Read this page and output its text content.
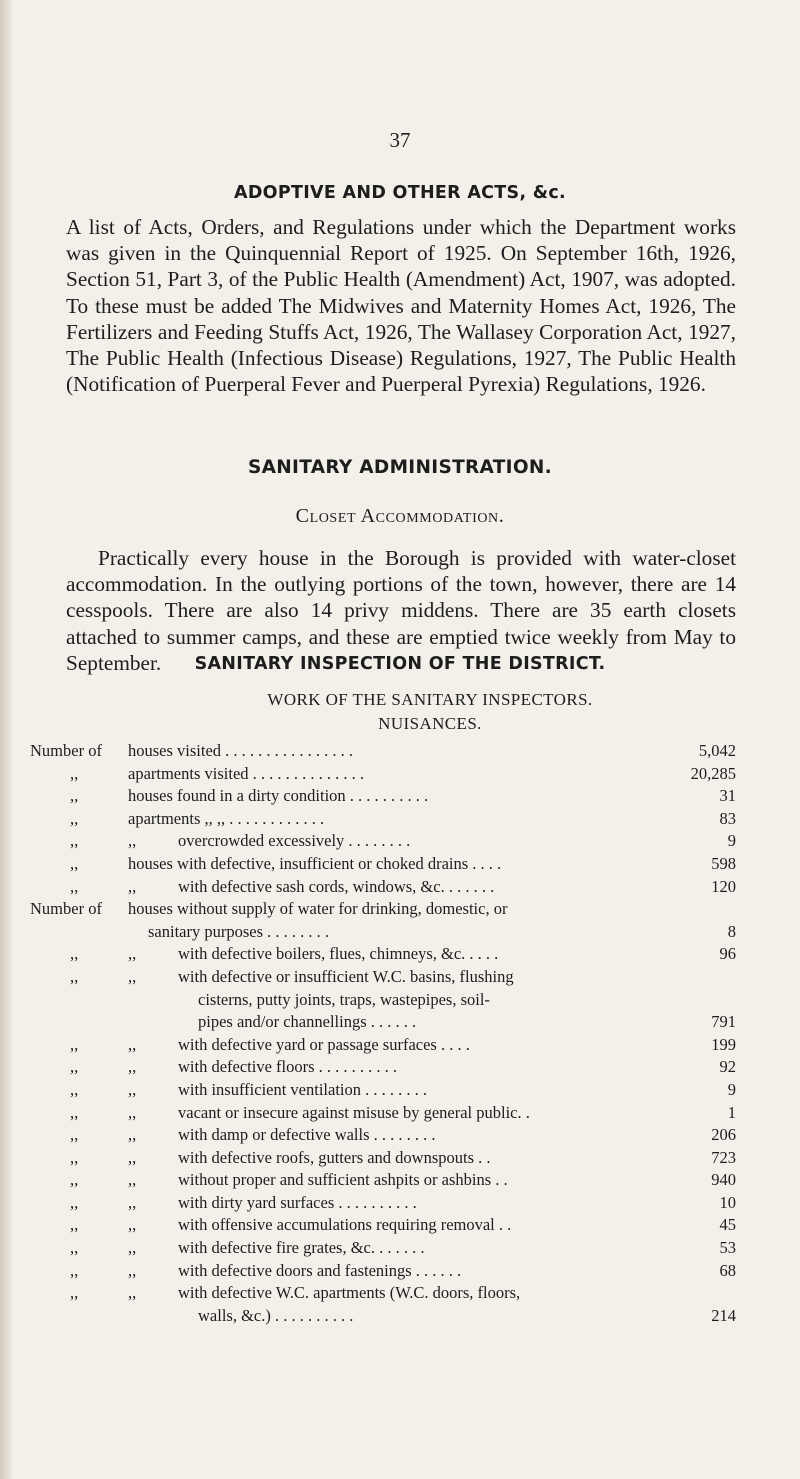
37
ADOPTIVE AND OTHER ACTS, &c.
A list of Acts, Orders, and Regulations under which the Department works was given in the Quinquennial Report of 1925. On September 16th, 1926, Section 51, Part 3, of the Public Health (Amendment) Act, 1907, was adopted. To these must be added The Midwives and Maternity Homes Act, 1926, The Fertilizers and Feeding Stuffs Act, 1926, The Wallasey Corporation Act, 1927, The Public Health (Infectious Disease) Regulations, 1927, The Public Health (Notification of Puerperal Fever and Puerperal Pyrexia) Regulations, 1926.
SANITARY ADMINISTRATION.
Closet Accommodation.
Practically every house in the Borough is provided with water-closet accommodation. In the outlying portions of the town, however, there are 14 cesspools. There are also 14 privy middens. There are 35 earth closets attached to summer camps, and these are emptied twice weekly from May to September.	SANITARY INSPECTION OF THE DISTRICT.
WORK OF THE SANITARY INSPECTORS.
NUISANCES.
Number of houses visited . . . . . . . . . . . . . . . .	5,042
,,	apartments visited . . . . . . . . . . . . . .	20,285
,,	houses found in a dirty condition . . . . . . . . . .	31
,,	apartments ,, ,, . . . . . . . . . . . .	83
,,	,,	overcrowded excessively . . . . . . . .	9
,,	houses with defective, insufficient or choked drains . . . .	598
,,	,,	with defective sash cords, windows, &c. . . . . . .	120
Number of houses without supply of water for drinking, domestic, or
sanitary purposes . . . . . . . .	8
,,	,,	with defective boilers, flues, chimneys, &c. . . . .	96
,,	,,	with defective or insufficient W.C. basins, flushing
cisterns, putty joints, traps, wastepipes, soil-
pipes and/or channellings . . . . . .	791
,,	,,	with defective yard or passage surfaces . . . .	199
,,	,,	with defective floors . . . . . . . . . .	92
,,	,,	with insufficient ventilation . . . . . . . .	9
,,	,,	vacant or insecure against misuse by general public. .	1
,,	,,	with damp or defective walls . . . . . . . .	206
,,	,,	with defective roofs, gutters and downspouts . .	723
,,	,,	without proper and sufficient ashpits or ashbins . .	940
,,	,,	with dirty yard surfaces . . . . . . . . . .	10
,,	,,	with offensive accumulations requiring removal . .	45
,,	,,	with defective fire grates, &c. . . . . . .	53
,,	,,	with defective doors and fastenings . . . . . .	68
,,	,,	with defective W.C. apartments (W.C. doors, floors,
walls, &c.) . . . . . . . . . .	214
